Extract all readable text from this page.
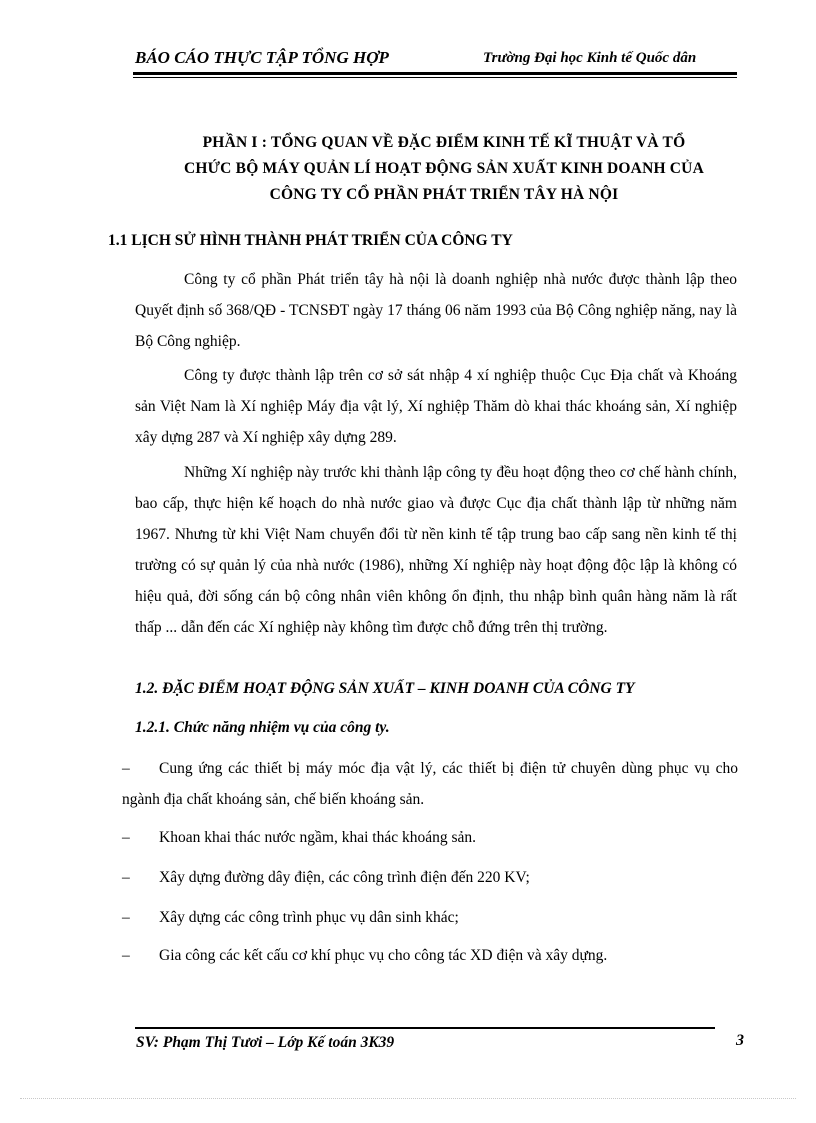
BÁO CÁO THỰC TẬP TỔNG HỢP	Trường Đại học Kinh tế Quốc dân
PHẦN I : TỔNG QUAN VỀ ĐẶC ĐIỂM KINH TẾ KĨ THUẬT VÀ TỔ
CHỨC BỘ MÁY QUẢN LÍ HOẠT ĐỘNG SẢN XUẤT KINH DOANH CỦA
CÔNG TY CỔ PHẦN PHÁT TRIỂN TÂY HÀ NỘI
1.1 LỊCH SỬ HÌNH THÀNH PHÁT TRIỂN CỦA CÔNG TY

Công ty cổ phần Phát triển tây hà nội là doanh nghiệp nhà nước được thành lập theo Quyết định số 368/QĐ - TCNSĐT ngày 17 tháng 06 năm 1993 của Bộ Công nghiệp năng, nay là Bộ Công nghiệp.

Công ty được thành lập trên cơ sở sát nhập 4 xí nghiệp thuộc Cục Địa chất và Khoáng sản Việt Nam là Xí nghiệp Máy địa vật lý, Xí nghiệp Thăm dò khai thác khoáng sản, Xí nghiệp xây dựng 287 và Xí nghiệp xây dựng 289.

Những Xí nghiệp này trước khi thành lập công ty đều hoạt động theo cơ chế hành chính, bao cấp, thực hiện kế hoạch do nhà nước giao và được Cục địa chất thành lập từ những năm 1967. Nhưng từ khi Việt Nam chuyển đổi từ nền kinh tế tập trung bao cấp sang nền kinh tế thị trường có sự quản lý của nhà nước (1986), những Xí nghiệp này hoạt động độc lập là không có hiệu quả, đời sống cán bộ công nhân viên không ổn định, thu nhập bình quân hàng năm là rất thấp ... dẫn đến các Xí nghiệp này không tìm được chỗ đứng trên thị trường.

1.2. ĐẶC ĐIỂM HOẠT ĐỘNG SẢN XUẤT – KINH DOANH CỦA CÔNG TY
1.2.1. Chức năng nhiệm vụ của công ty.
–	Cung ứng các thiết bị máy móc địa vật lý, các thiết bị điện tử chuyên dùng phục vụ cho ngành địa chất khoáng sản, chế biến khoáng sản.
–	Khoan khai thác nước ngầm, khai thác khoáng sản.
–	Xây dựng đường dây điện, các công trình điện đến 220 KV;
–	Xây dựng các công trình phục vụ dân sinh khác;
–	Gia công các kết cấu cơ khí phục vụ cho công tác XD điện và xây dựng.
SV: Phạm Thị Tươi – Lớp Kế toán 3K39	3
